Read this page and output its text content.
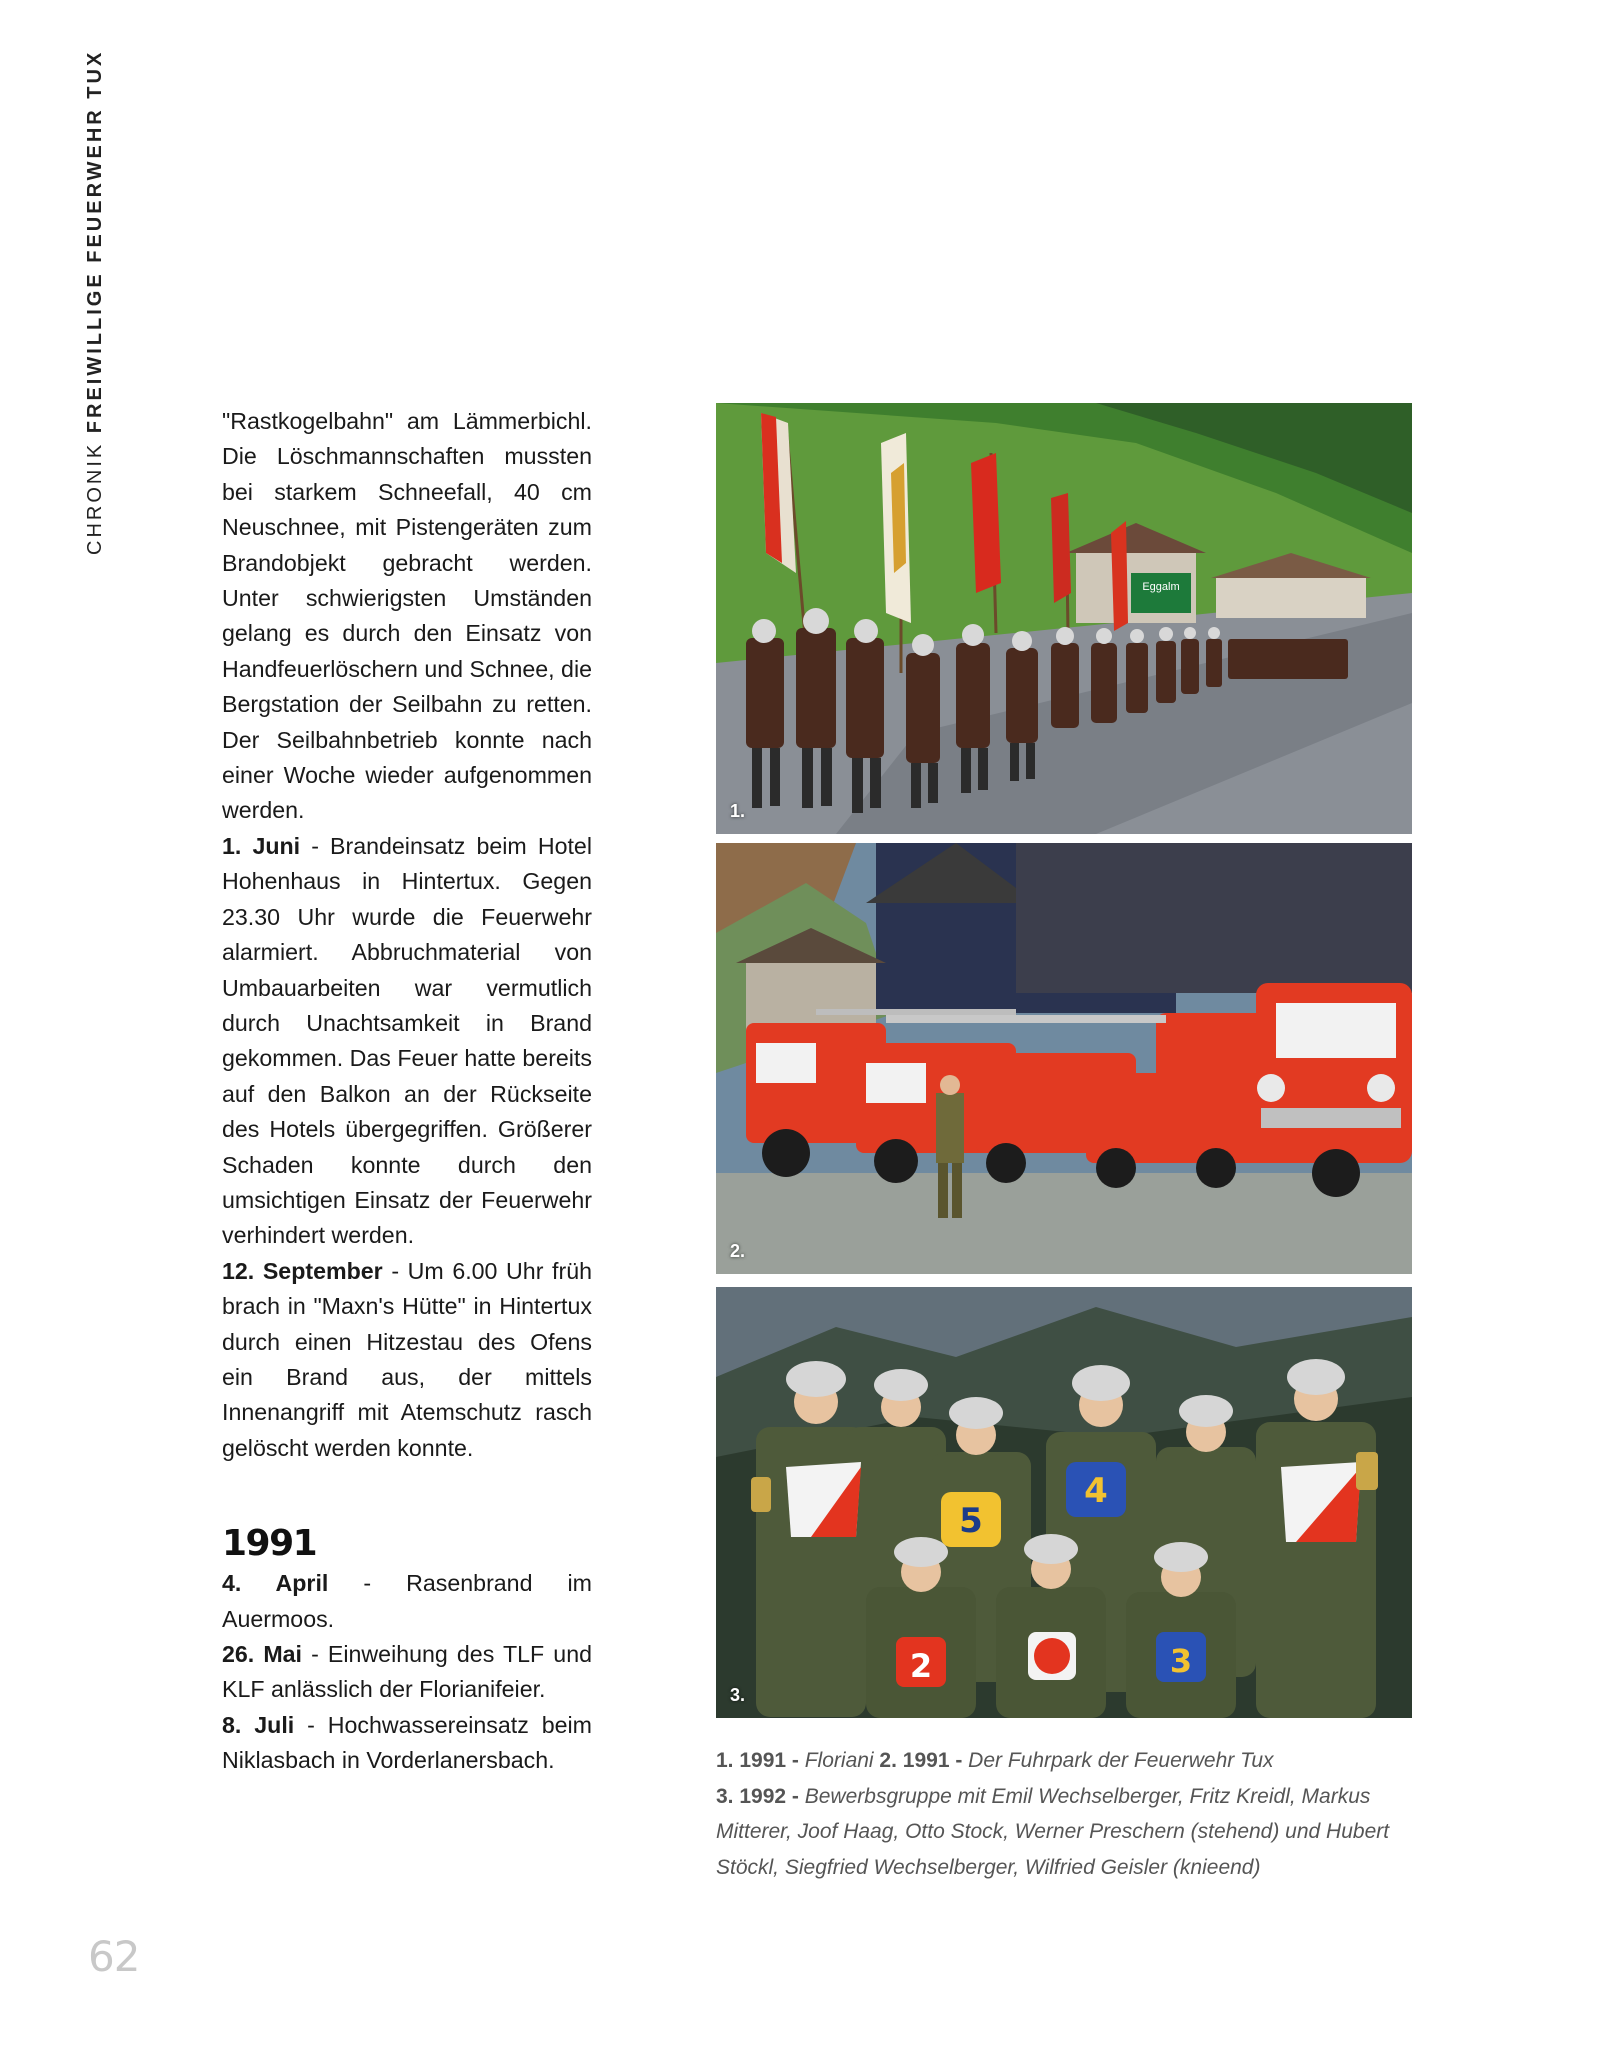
CHRONIK FREIWILLIGE FEUERWEHR TUX	"Rastkogelbahn" am Lämmerbichl. Die Löschmannschaften mussten bei starkem Schneefall, 40 cm Neuschnee, mit Pistengeräten zum Brandobjekt gebracht werden. Unter schwierigsten Umständen gelang es durch den Einsatz von Handfeuerlöschern und Schnee, die Bergstation der Seilbahn zu retten. Der Seilbahnbetrieb konnte nach einer Woche wieder aufgenommen werden.

1. Juni - Brandeinsatz beim Hotel Hohenhaus in Hintertux. Gegen 23.30 Uhr wurde die Feuerwehr alarmiert. Abbruchmaterial von Umbauarbeiten war vermutlich durch Unachtsamkeit in Brand gekommen. Das Feuer hatte bereits auf den Balkon an der Rückseite des Hotels übergegriffen. Größerer Schaden konnte durch den umsichtigen Einsatz der Feuerwehr verhindert werden.

12. September - Um 6.00 Uhr früh brach in "Maxn's Hütte" in Hintertux durch einen Hitzestau des Ofens ein Brand aus, der mittels Innenangriff mit Atemschutz rasch gelöscht werden konnte.

1991

4. April - Rasenbrand im Auermoos.

26. Mai - Einweihung des TLF und KLF anlässlich der Florianifeier.

8. Juli - Hochwassereinsatz beim Niklasbach in Vorderlanersbach.

Eggalm
1.
2.
5
4
2	3
3.
1. 1991 - Floriani 2. 1991 - Der Fuhrpark der Feuerwehr Tux
3. 1992 - Bewerbsgruppe mit Emil Wechselberger, Fritz Kreidl, Markus Mitterer, Joof Haag, Otto Stock, Werner Preschern (stehend) und Hubert Stöckl, Siegfried Wechselberger, Wilfried Geisler (knieend)
62
